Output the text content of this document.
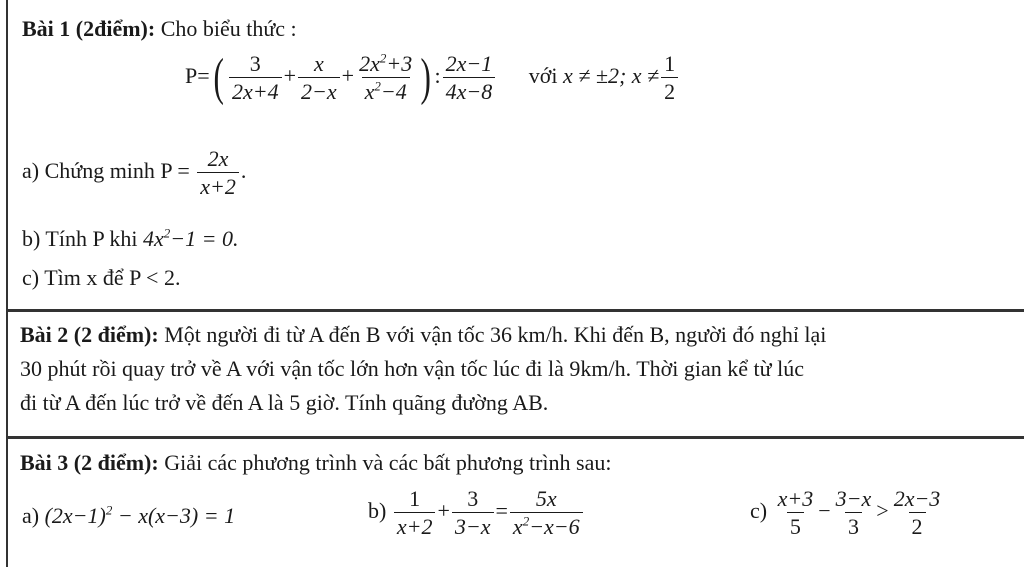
Bài 1 (2điểm): Cho biểu thức :
$P=( \frac{3}{2x+4} + \frac{x}{2-x} + \frac{2x^2+3}{x^2-4}$ ) : $\frac{2x-1}{4x-8}$ với x ≠ ±2; $x \ne \frac{1}{2}$
a) Chứng minh $P = \frac{2x}{x+2}$ .
b) Tính P khi $4x^2-1 = 0$.
c) Tìm x để P < 2.
Bài 2 (2 điểm): Một người đi từ A đến B với vận tốc 36 km/h. Khi đến B, người đó nghỉ lại
30 phút rồi quay trở về A với vận tốc lớn hơn vận tốc lúc đi là 9km/h. Thời gian kể từ lúc
đi từ A đến lúc trở về đến A là 5 giờ. Tính quãng đường AB.
Bài 3 (2 điểm): Giải các phương trình và các bất phương trình sau:
a) $(2x-1)^2 - x(x-3) = 1$	$b) \frac{1}{x+2} + \frac{3}{3-x} = \frac{5x}{x^2-x-6}$	$c) \frac{x+3}{5} - \frac{3-x}{3} > \frac{2x-3}{2}$
